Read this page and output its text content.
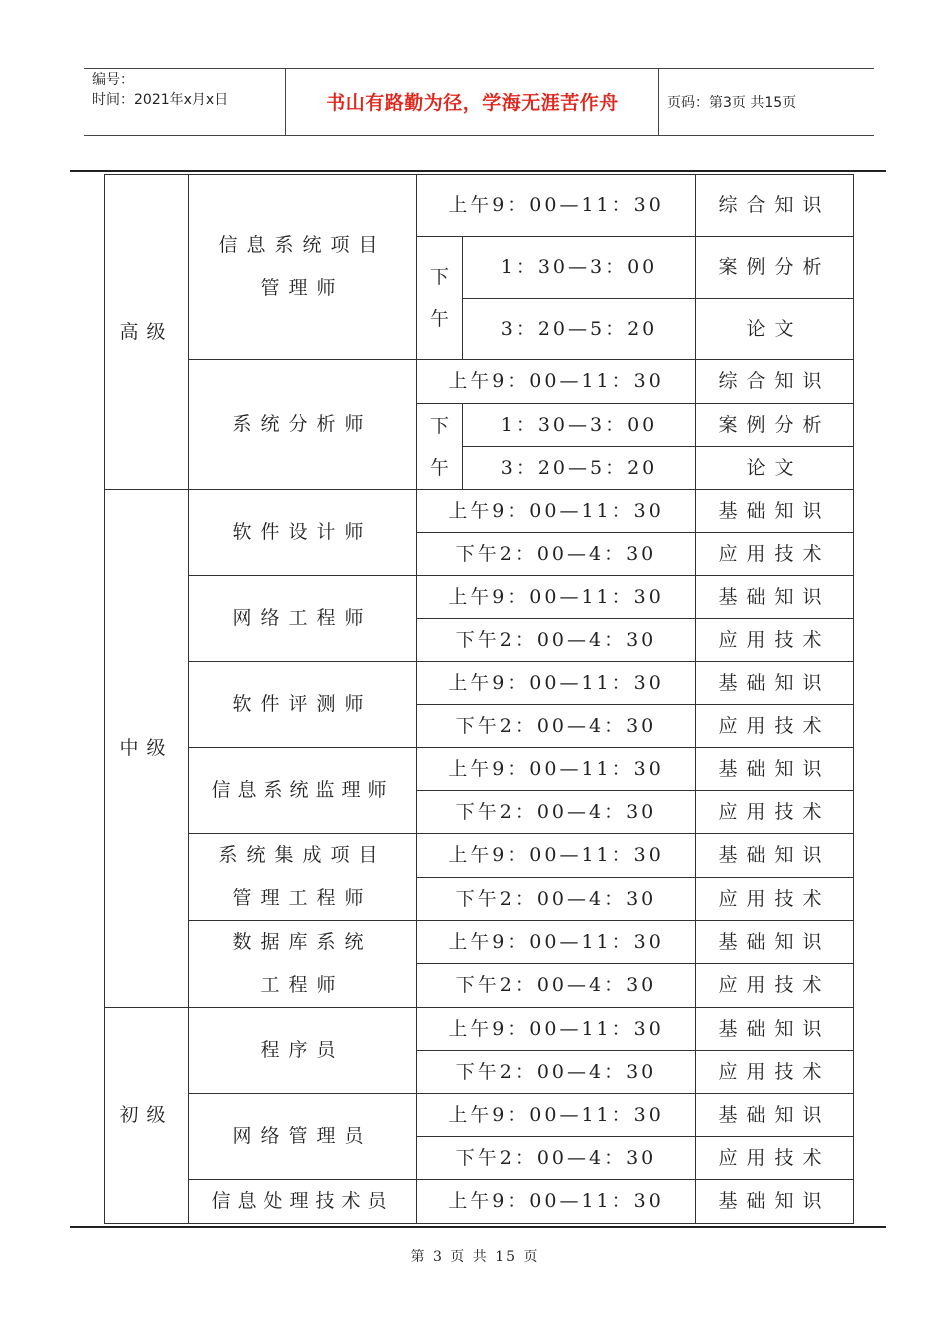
编号：
时间：2021年x月x日	书山有路勤为径，学海无涯苦作舟	页码：第3页 共15页
高级	信息系统项目管理师	上午9：00—11：30		综合知识

		下午	1：30—3：00	案例分析
			3：20—5：20	论文
	系统分析师	上午9：00—11：30		综合知识

		下午	1：30—3：00	案例分析
			3：20—5：20	论文
中级	软件设计师	上午9：00—11：30		基础知识
		下午2：00—4：30		应用技术
	网络工程师	上午9：00—11：30		基础知识
		下午2：00—4：30		应用技术
	软件评测师	上午9：00—11：30		基础知识
		下午2：00—4：30		应用技术
	信息系统监理师	上午9：00—11：30		基础知识
		下午2：00—4：30		应用技术

	系统集成项目管理工程师	上午9：00—11：30		基础知识
		下午2：00—4：30		应用技术

	数据库系统工程师	上午9：00—11：30		基础知识
		下午2：00—4：30		应用技术
初级	程序员	上午9：00—11：30		基础知识
		下午2：00—4：30		应用技术
	网络管理员	上午9：00—11：30		基础知识
		下午2：00—4：30		应用技术
	信息处理技术员	上午9：00—11：30		基础知识
第 3 页 共 15 页
